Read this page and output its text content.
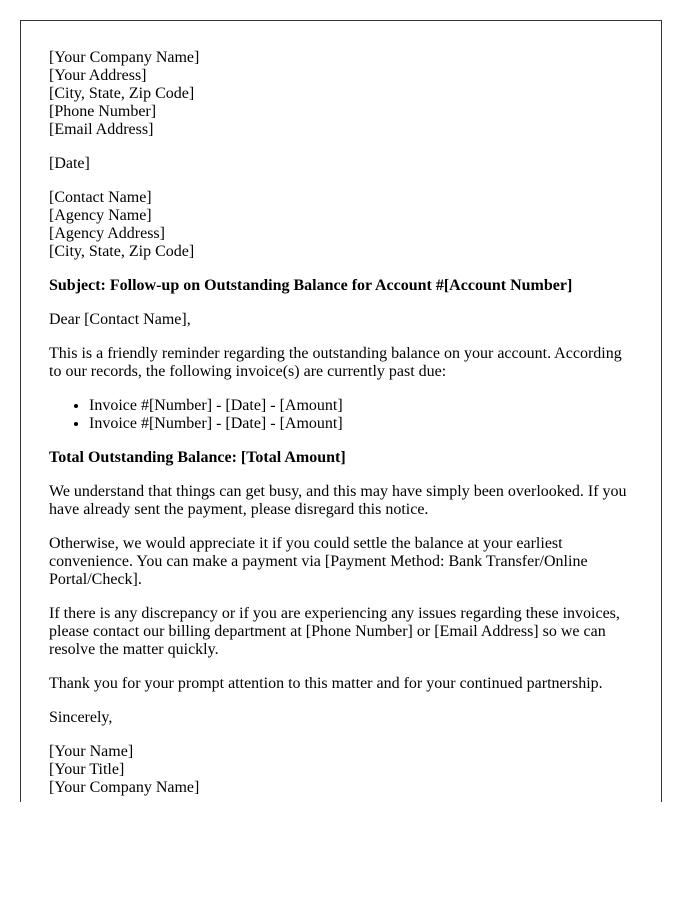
[Your Company Name]
[Your Address]
[City, State, Zip Code]
[Phone Number]
[Email Address]

[Date]

[Contact Name]
[Agency Name]
[Agency Address]
[City, State, Zip Code]

Subject: Follow-up on Outstanding Balance for Account #[Account Number]

Dear [Contact Name],

This is a friendly reminder regarding the outstanding balance on your account. According to our records, the following invoice(s) are currently past due:

• Invoice #[Number] - [Date] - [Amount]
• Invoice #[Number] - [Date] - [Amount]

Total Outstanding Balance: [Total Amount]

We understand that things can get busy, and this may have simply been overlooked. If you have already sent the payment, please disregard this notice.

Otherwise, we would appreciate it if you could settle the balance at your earliest convenience. You can make a payment via [Payment Method: Bank Transfer/Online Portal/Check].

If there is any discrepancy or if you are experiencing any issues regarding these invoices, please contact our billing department at [Phone Number] or [Email Address] so we can resolve the matter quickly.

Thank you for your prompt attention to this matter and for your continued partnership.

Sincerely,

[Your Name]
[Your Title]
[Your Company Name]
